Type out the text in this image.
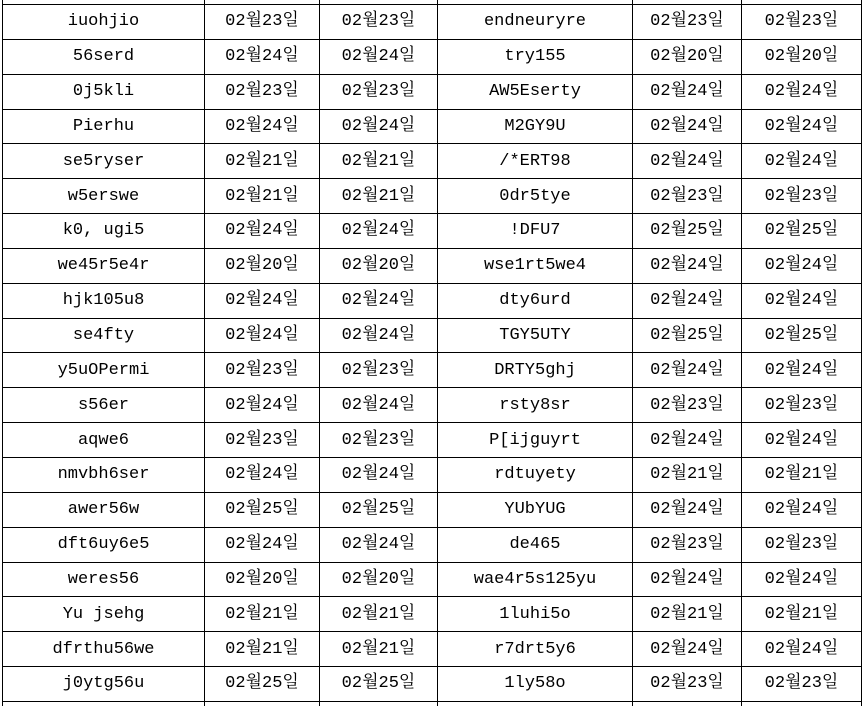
iuohjio	02월23일	02월23일	endneuryre	02월23일	02월23일
56serd	02월24일	02월24일	try155	02월20일	02월20일
0j5kli	02월23일	02월23일	AW5Eserty	02월24일	02월24일
Pierhu	02월24일	02월24일	M2GY9U	02월24일	02월24일
se5ryser	02월21일	02월21일	/*ERT98	02월24일	02월24일
w5erswe	02월21일	02월21일	0dr5tye	02월23일	02월23일
k0, ugi5	02월24일	02월24일	!DFU7	02월25일	02월25일
we45r5e4r	02월20일	02월20일	wse1rt5we4	02월24일	02월24일
hjk105u8	02월24일	02월24일	dty6urd	02월24일	02월24일
se4fty	02월24일	02월24일	TGY5UTY	02월25일	02월25일
y5uOPermi	02월23일	02월23일	DRTY5ghj	02월24일	02월24일
s56er	02월24일	02월24일	rsty8sr	02월23일	02월23일
aqwe6	02월23일	02월23일	P[ijguyrt	02월24일	02월24일
nmvbh6ser	02월24일	02월24일	rdtuyety	02월21일	02월21일
awer56w	02월25일	02월25일	YUbYUG	02월24일	02월24일
dft6uy6e5	02월24일	02월24일	de465	02월23일	02월23일
weres56	02월20일	02월20일	wae4r5s125yu	02월24일	02월24일
Yu jsehg	02월21일	02월21일	1luhi5o	02월21일	02월21일
dfrthu56we	02월21일	02월21일	r7drt5y6	02월24일	02월24일
j0ytg56u	02월25일	02월25일	1ly58o	02월23일	02월23일
